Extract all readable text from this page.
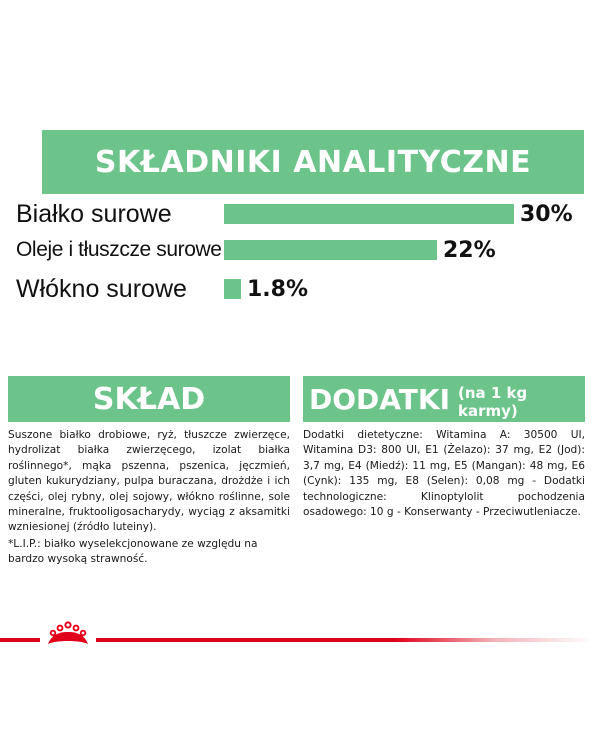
SKŁADNIKI ANALITYCZNE
Białko surowe	30%
Oleje i tłuszcze surowe	22%
Włókno surowe	1.8%
SKŁAD	DODATKI (na 1 kg karmy)
Suszone białko drobiowe, ryż, tłuszcze zwierzęce, hydrolizat białka zwierzęcego, izolat białka roślinnego*, mąka pszenna, pszenica, jęczmień, gluten kukurydziany, pulpa buraczana, drożdże i ich części, olej rybny, olej sojowy, włókno roślinne, sole mineralne, fruktooligosacharydy, wyciąg z aksamitki wzniesionej (źródło luteiny).
*L.I.P.: białko wyselekcjonowane ze względu na bardzo wysoką strawność.
Dodatki dietetyczne: Witamina A: 30500 UI, Witamina D3: 800 UI, E1 (Żelazo): 37 mg, E2 (Jod): 3,7 mg, E4 (Miedź): 11 mg, E5 (Mangan): 48 mg, E6 (Cynk): 135 mg, E8 (Selen): 0,08 mg - Dodatki technologiczne: Klinoptylolit pochodzenia osadowego: 10 g - Konserwanty - Przeciwutleniacze.
